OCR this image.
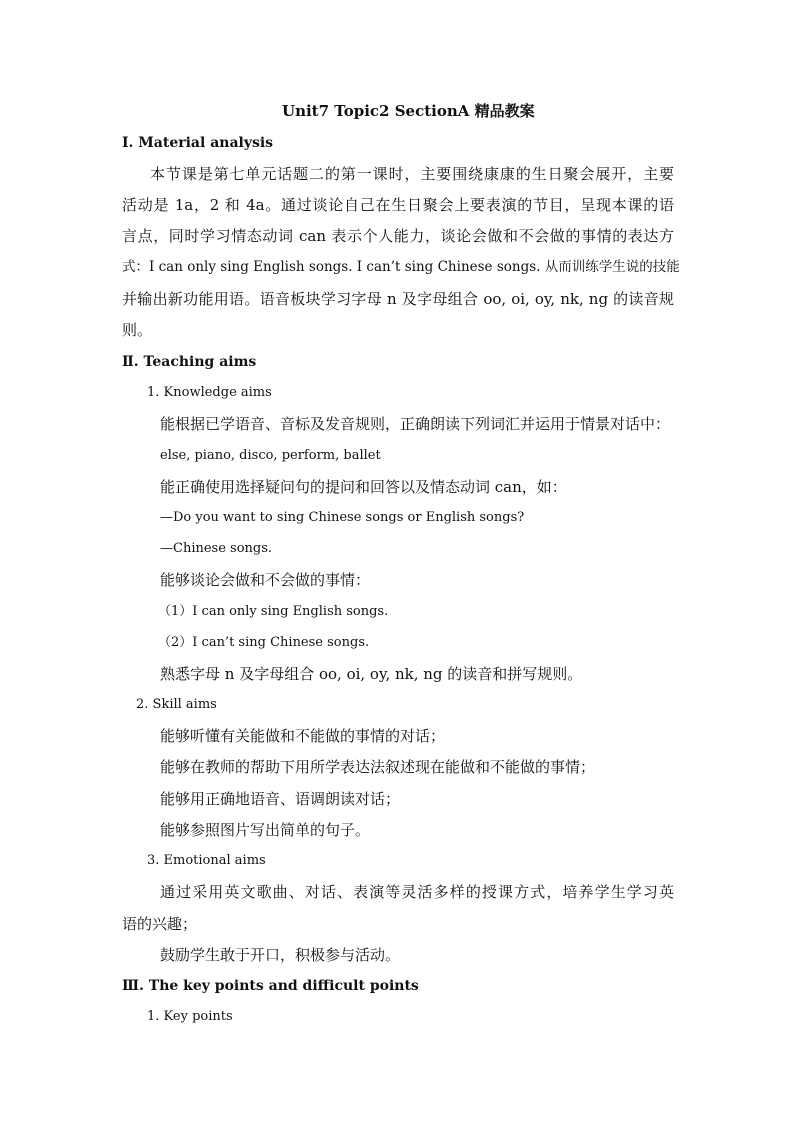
Unit7 Topic2 SectionA 精品教案

Ⅰ. Material analysis

本节课是第七单元话题二的第一课时，主要围绕康康的生日聚会展开，主要

活动是 1a，2 和 4a。通过谈论自己在生日聚会上要表演的节目，呈现本课的语

言点，同时学习情态动词 can 表示个人能力，谈论会做和不会做的事情的表达方

式：I can only sing English songs. I can’t sing Chinese songs. 从而训练学生说的技能

并输出新功能用语。语音板块学习字母 n 及字母组合 oo, oi, oy, nk, ng 的读音规

则。

Ⅱ. Teaching aims

1. Knowledge aims

能根据已学语音、音标及发音规则，正确朗读下列词汇并运用于情景对话中：

else, piano, disco, perform, ballet

能正确使用选择疑问句的提问和回答以及情态动词 can，如：

—Do you want to sing Chinese songs or English songs?

—Chinese songs.

能够谈论会做和不会做的事情：

（1）I can only sing English songs.

（2）I can’t sing Chinese songs.

熟悉字母 n 及字母组合 oo, oi, oy, nk, ng 的读音和拼写规则。

2. Skill aims

能够听懂有关能做和不能做的事情的对话；

能够在教师的帮助下用所学表达法叙述现在能做和不能做的事情；

能够用正确地语音、语调朗读对话；

能够参照图片写出简单的句子。

3. Emotional aims

通过采用英文歌曲、对话、表演等灵活多样的授课方式，培养学生学习英

语的兴趣；

鼓励学生敢于开口，积极参与活动。

Ⅲ. The key points and difficult points

1. Key points
